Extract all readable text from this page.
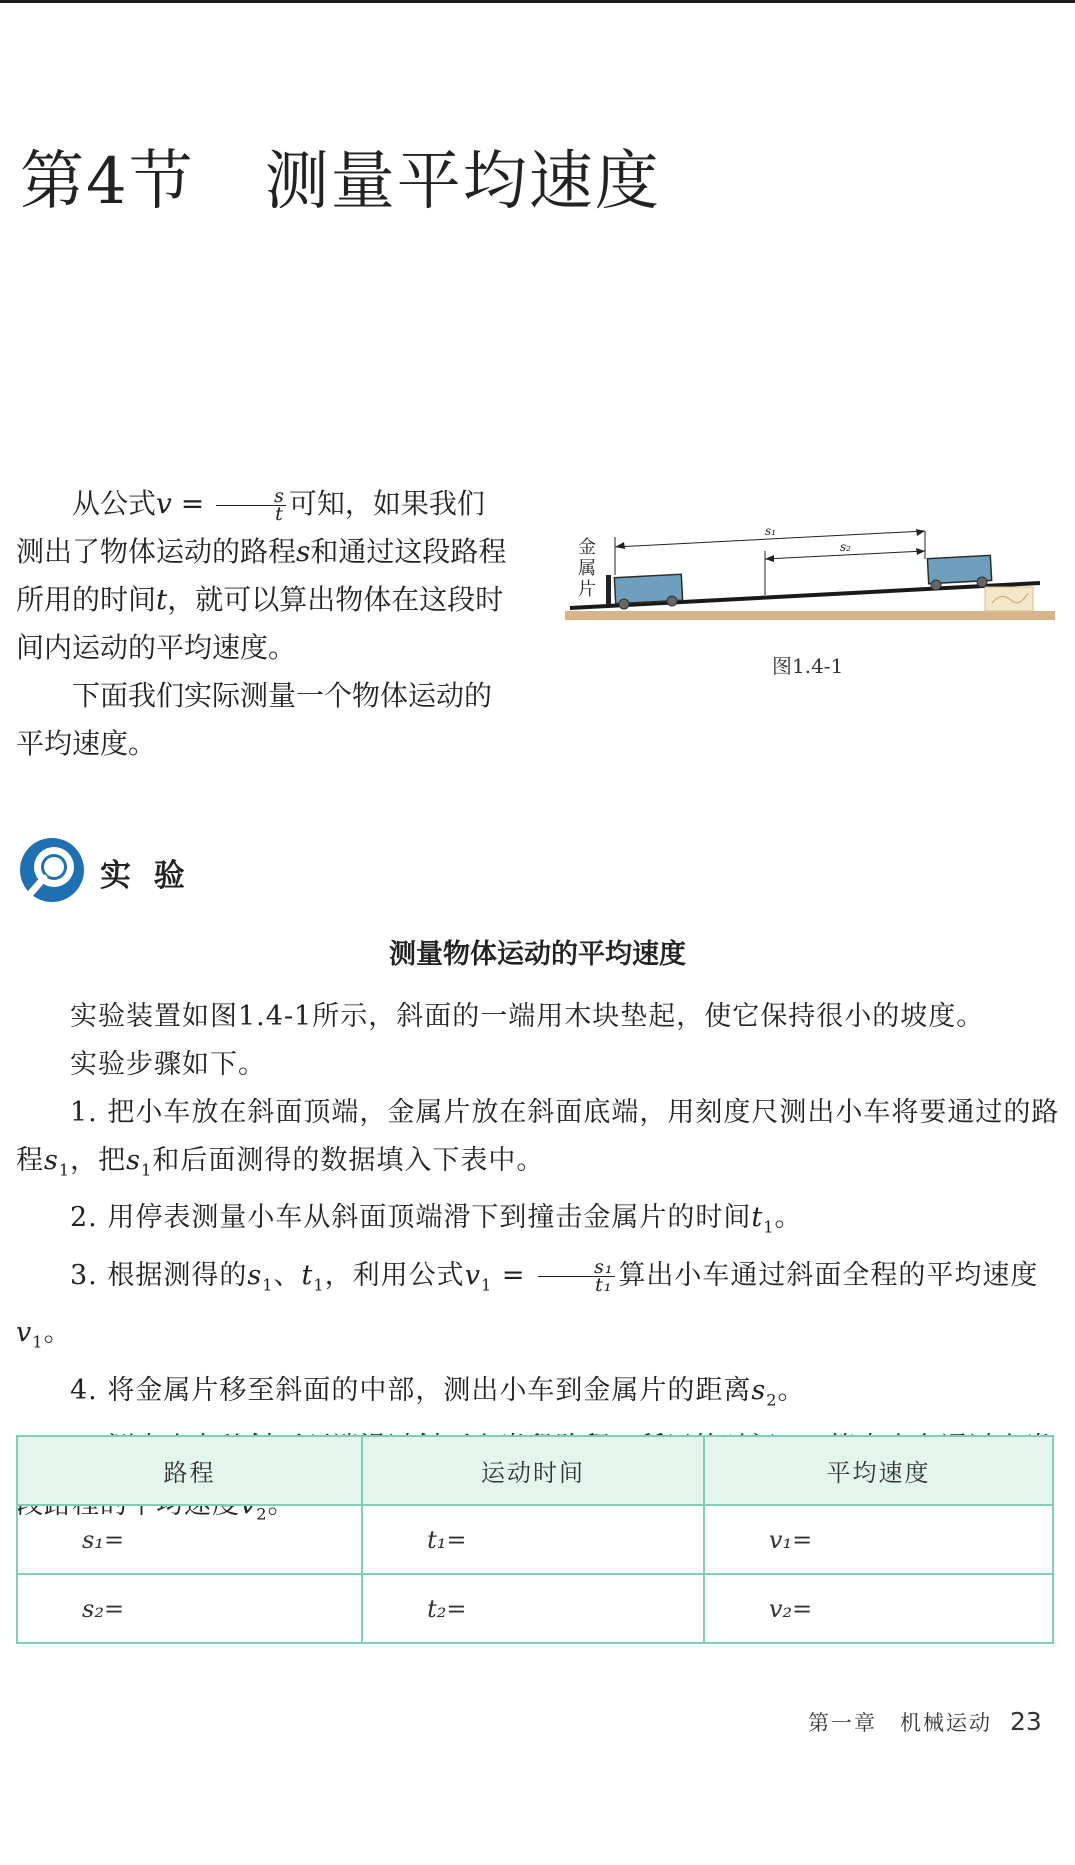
第4节 测量平均速度

从公式$v = \frac{s}{t}$ 可知，如果我们测出了物体运动的路程s和通过这段路程所用的时间t，就可以算出物体在这段时间内运动的平均速度。

下面我们实际测量一个物体运动的平均速度。

s₁
s₂
金
属
片
图1.4-1
实 验
测量物体运动的平均速度

实验装置如图1.4-1所示，斜面的一端用木块垫起，使它保持很小的坡度。

实验步骤如下。

1. 把小车放在斜面顶端，金属片放在斜面底端，用刻度尺测出小车将要通过的路程$s_1$，把$s_1$和后面测得的数据填入下表中。

2. 用停表测量小车从斜面顶端滑下到撞击金属片的时间$t_1$。

3. 根据测得的$s_1$、$t_1$，利用公式$v_1 = \frac{\text{s₁}}{\text{t₁}}$ 算出小车通过斜面全程的平均速度$v_1$。

4. 将金属片移至斜面的中部，测出小车到金属片的距离$s_2$。

$_2$

路程	运动时间	平均速度
s₁=	t₁=	v₁=
s₂=	t₂=	v₂=
第一章　机械运动 23
